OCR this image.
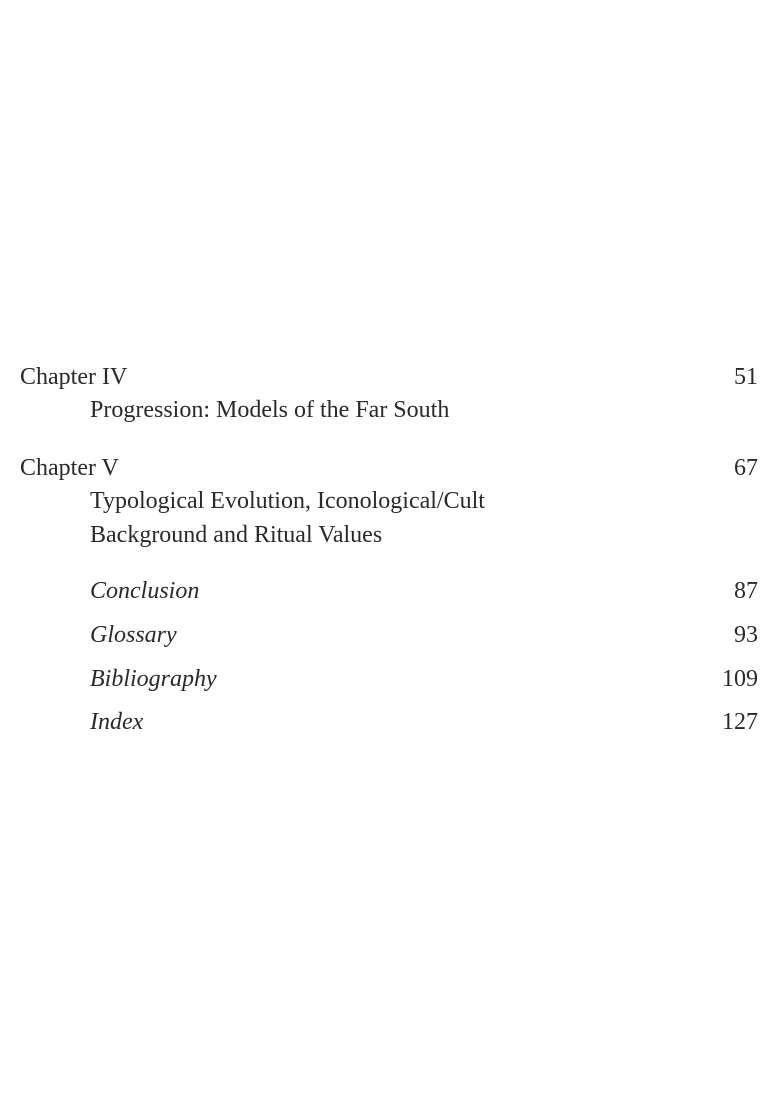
Chapter IV	51
Progression: Models of the Far South
Chapter V	67
Typological Evolution, Iconological/Cult
Background and Ritual Values
Conclusion	87
Glossary	93
Bibliography	109
Index	127
